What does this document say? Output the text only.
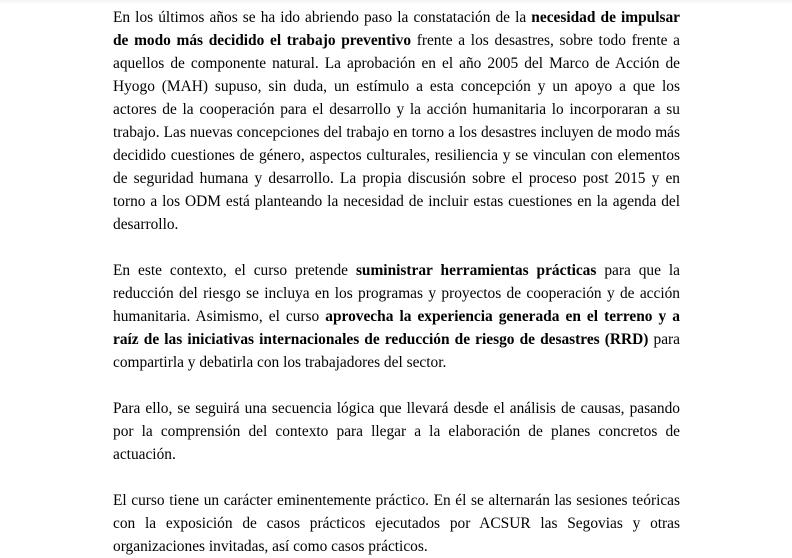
En los últimos años se ha ido abriendo paso la constatación de la necesidad de impulsar de modo más decidido el trabajo preventivo frente a los desastres, sobre todo frente a aquellos de componente natural. La aprobación en el año 2005 del Marco de Acción de Hyogo (MAH) supuso, sin duda, un estímulo a esta concepción y un apoyo a que los actores de la cooperación para el desarrollo y la acción humanitaria lo incorporaran a su trabajo. Las nuevas concepciones del trabajo en torno a los desastres incluyen de modo más decidido cuestiones de género, aspectos culturales, resiliencia y se vinculan con elementos de seguridad humana y desarrollo. La propia discusión sobre el proceso post 2015 y en torno a los ODM está planteando la necesidad de incluir estas cuestiones en la agenda del desarrollo.

En este contexto, el curso pretende suministrar herramientas prácticas para que la reducción del riesgo se incluya en los programas y proyectos de cooperación y de acción humanitaria. Asimismo, el curso aprovecha la experiencia generada en el terreno y a raíz de las iniciativas internacionales de reducción de riesgo de desastres (RRD) para compartirla y debatirla con los trabajadores del sector.

Para ello, se seguirá una secuencia lógica que llevará desde el análisis de causas, pasando por la comprensión del contexto para llegar a la elaboración de planes concretos de actuación.

El curso tiene un carácter eminentemente práctico. En él se alternarán las sesiones teóricas con la exposición de casos prácticos ejecutados por ACSUR las Segovias y otras organizaciones invitadas, así como casos prácticos.
